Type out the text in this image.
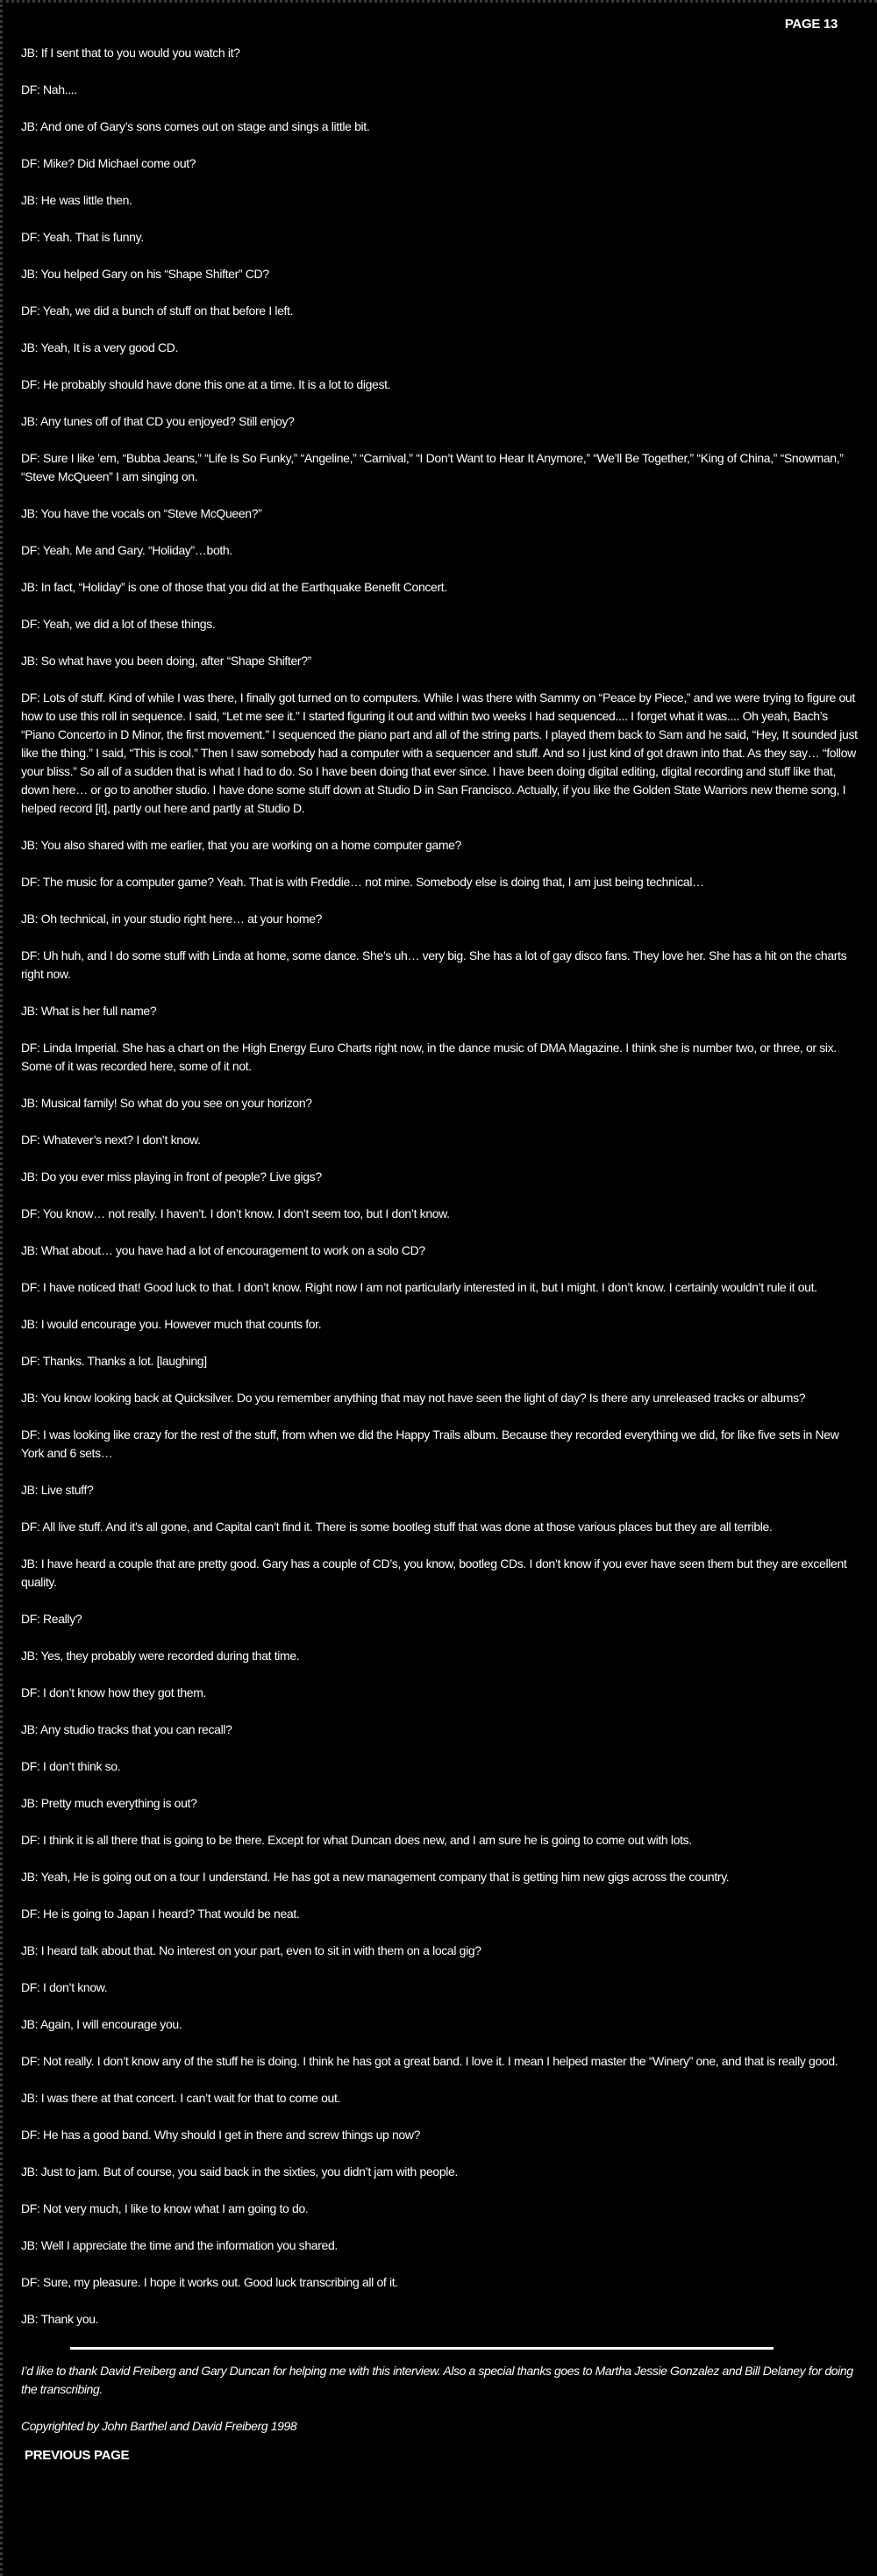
PAGE 13

JB: If I sent that to you would you watch it?

DF: Nah....

JB: And one of Gary’s sons comes out on stage and sings a little bit.

DF: Mike? Did Michael come out?

JB: He was little then.

DF: Yeah. That is funny.

JB: You helped Gary on his “Shape Shifter” CD?

DF: Yeah, we did a bunch of stuff on that before I left.

JB: Yeah, It is a very good CD.

DF: He probably should have done this one at a time. It is a lot to digest.

JB: Any tunes off of that CD you enjoyed? Still enjoy?

DF: Sure I like ’em, “Bubba Jeans,” “Life Is So Funky,” “Angeline,” “Carnival,” “I Don’t Want to Hear It Anymore,” “We’ll Be Together,” “King of China,” “Snowman,” “Steve McQueen” I am singing on.

JB: You have the vocals on “Steve McQueen?”

DF: Yeah. Me and Gary. “Holiday”…both.

JB: In fact, “Holiday” is one of those that you did at the Earthquake Benefit Concert.

DF: Yeah, we did a lot of these things.

JB: So what have you been doing, after “Shape Shifter?”

DF: Lots of stuff. Kind of while I was there, I finally got turned on to computers. While I was there with Sammy on “Peace by Piece,” and we were trying to figure out how to use this roll in sequence. I said, “Let me see it.” I started figuring it out and within two weeks I had sequenced.... I forget what it was.... Oh yeah, Bach’s “Piano Concerto in D Minor, the first movement.” I sequenced the piano part and all of the string parts. I played them back to Sam and he said, “Hey, It sounded just like the thing.” I said, “This is cool.” Then I saw somebody had a computer with a sequencer and stuff. And so I just kind of got drawn into that. As they say… “follow your bliss.” So all of a sudden that is what I had to do. So I have been doing that ever since. I have been doing digital editing, digital recording and stuff like that, down here… or go to another studio. I have done some stuff down at Studio D in San Francisco. Actually, if you like the Golden State Warriors new theme song, I helped record [it], partly out here and partly at Studio D.

JB: You also shared with me earlier, that you are working on a home computer game?

DF: The music for a computer game? Yeah. That is with Freddie… not mine. Somebody else is doing that, I am just being technical…

JB: Oh technical, in your studio right here… at your home?

DF: Uh huh, and I do some stuff with Linda at home, some dance. She’s uh… very big. She has a lot of gay disco fans. They love her. She has a hit on the charts right now.

JB: What is her full name?

DF: Linda Imperial. She has a chart on the High Energy Euro Charts right now, in the dance music of DMA Magazine. I think she is number two, or three, or six. Some of it was recorded here, some of it not.

JB: Musical family! So what do you see on your horizon?

DF: Whatever’s next? I don’t know.

JB: Do you ever miss playing in front of people? Live gigs?

DF: You know… not really. I haven’t. I don’t know. I don’t seem too, but I don’t know.

JB: What about… you have had a lot of encouragement to work on a solo CD?

DF: I have noticed that! Good luck to that. I don’t know. Right now I am not particularly interested in it, but I might. I don’t know. I certainly wouldn’t rule it out.

JB: I would encourage you. However much that counts for.

DF: Thanks. Thanks a lot. [laughing]

JB: You know looking back at Quicksilver. Do you remember anything that may not have seen the light of day? Is there any unreleased tracks or albums?

DF: I was looking like crazy for the rest of the stuff, from when we did the Happy Trails album. Because they recorded everything we did, for like five sets in New York and 6 sets…

JB: Live stuff?

DF: All live stuff. And it’s all gone, and Capital can’t find it. There is some bootleg stuff that was done at those various places but they are all terrible.

JB: I have heard a couple that are pretty good. Gary has a couple of CD’s, you know, bootleg CDs. I don’t know if you ever have seen them but they are excellent quality.

DF: Really?

JB: Yes, they probably were recorded during that time.

DF: I don’t know how they got them.

JB: Any studio tracks that you can recall?

DF: I don’t think so.

JB: Pretty much everything is out?

DF: I think it is all there that is going to be there. Except for what Duncan does new, and I am sure he is going to come out with lots.

JB: Yeah, He is going out on a tour I understand. He has got a new management company that is getting him new gigs across the country.

DF: He is going to Japan I heard? That would be neat.

JB: I heard talk about that. No interest on your part, even to sit in with them on a local gig?

DF: I don’t know.

JB: Again, I will encourage you.

DF: Not really. I don’t know any of the stuff he is doing. I think he has got a great band. I love it. I mean I helped master the “Winery” one, and that is really good.

JB: I was there at that concert. I can’t wait for that to come out.

DF: He has a good band. Why should I get in there and screw things up now?

JB: Just to jam. But of course, you said back in the sixties, you didn’t jam with people.

DF: Not very much, I like to know what I am going to do.

JB: Well I appreciate the time and the information you shared.

DF: Sure, my pleasure. I hope it works out. Good luck transcribing all of it.

JB: Thank you.

I’d like to thank David Freiberg and Gary Duncan for helping me with this interview. Also a special thanks goes to Martha Jessie Gonzalez and Bill Delaney for doing the transcribing.

Copyrighted by John Barthel and David Freiberg 1998

PREVIOUS PAGE
